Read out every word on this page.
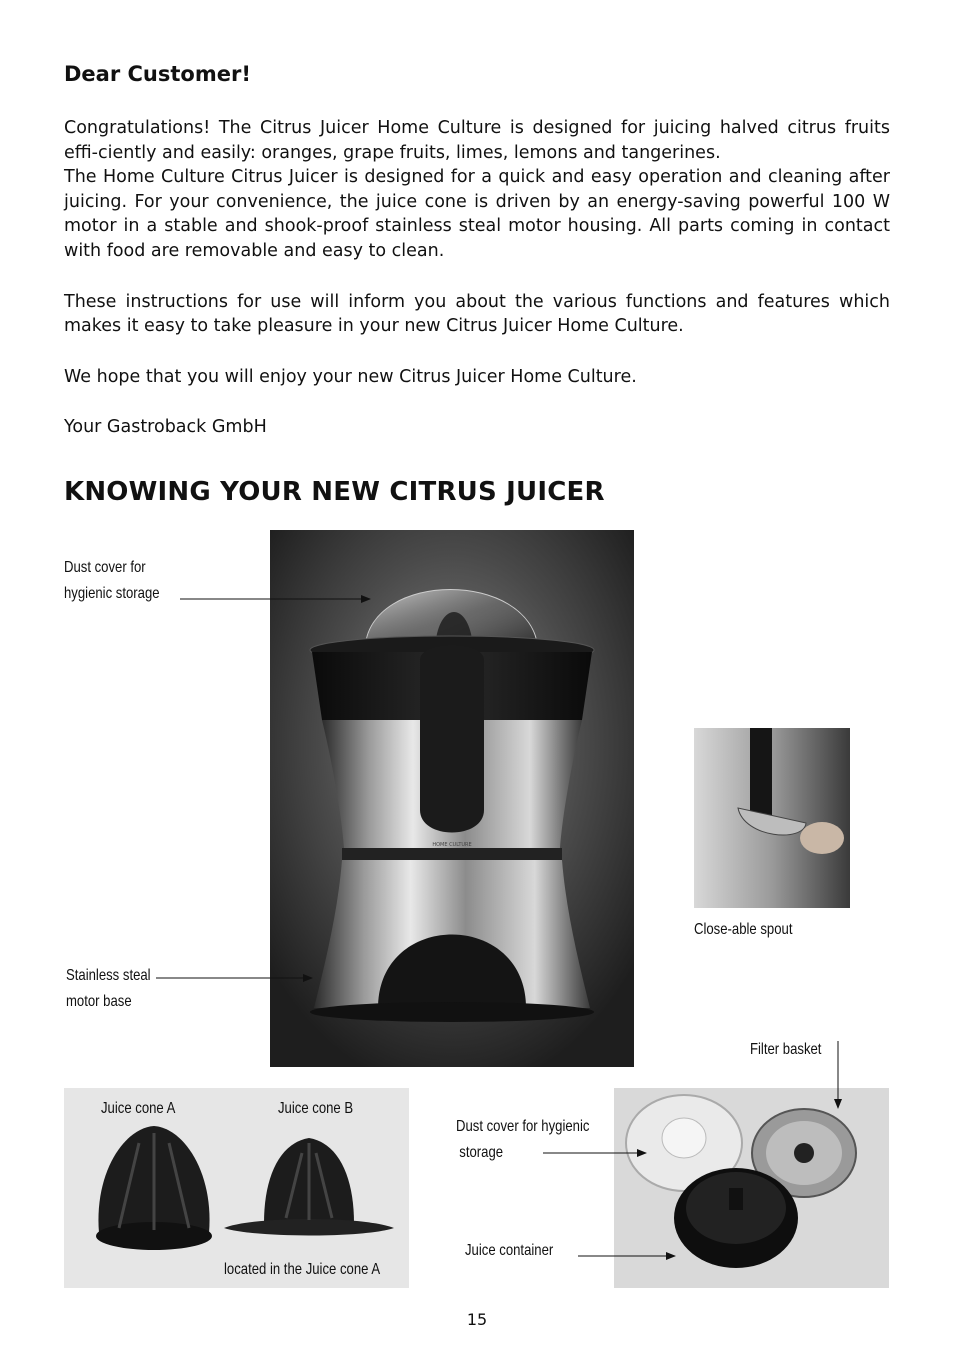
Dear Customer!

Congratulations! The Citrus Juicer Home Culture is designed for juicing halved citrus fruits effi-ciently and easily: oranges, grape fruits, limes, lemons and tangerines.

The Home Culture Citrus Juicer is designed for a quick and easy operation and cleaning after juicing. For your convenience, the juice cone is driven by an energy-saving powerful 100 W motor in a stable and shook-proof stainless steal motor housing. All parts coming in contact with food are removable and easy to clean.

These instructions for use will inform you about the various functions and features which makes it easy to take pleasure in your new Citrus Juicer Home Culture.

We hope that you will enjoy your new Citrus Juicer Home Culture.

Your Gastroback GmbH

KNOWING YOUR NEW CITRUS JUICER
HOME CULTURE
Dust cover for
hygienic storage
Stainless steal
motor base
Close-able spout
Filter basket
Juice cone A	Juice cone B
located in the Juice cone A
Dust cover for hygienic
storage
Juice container
15
